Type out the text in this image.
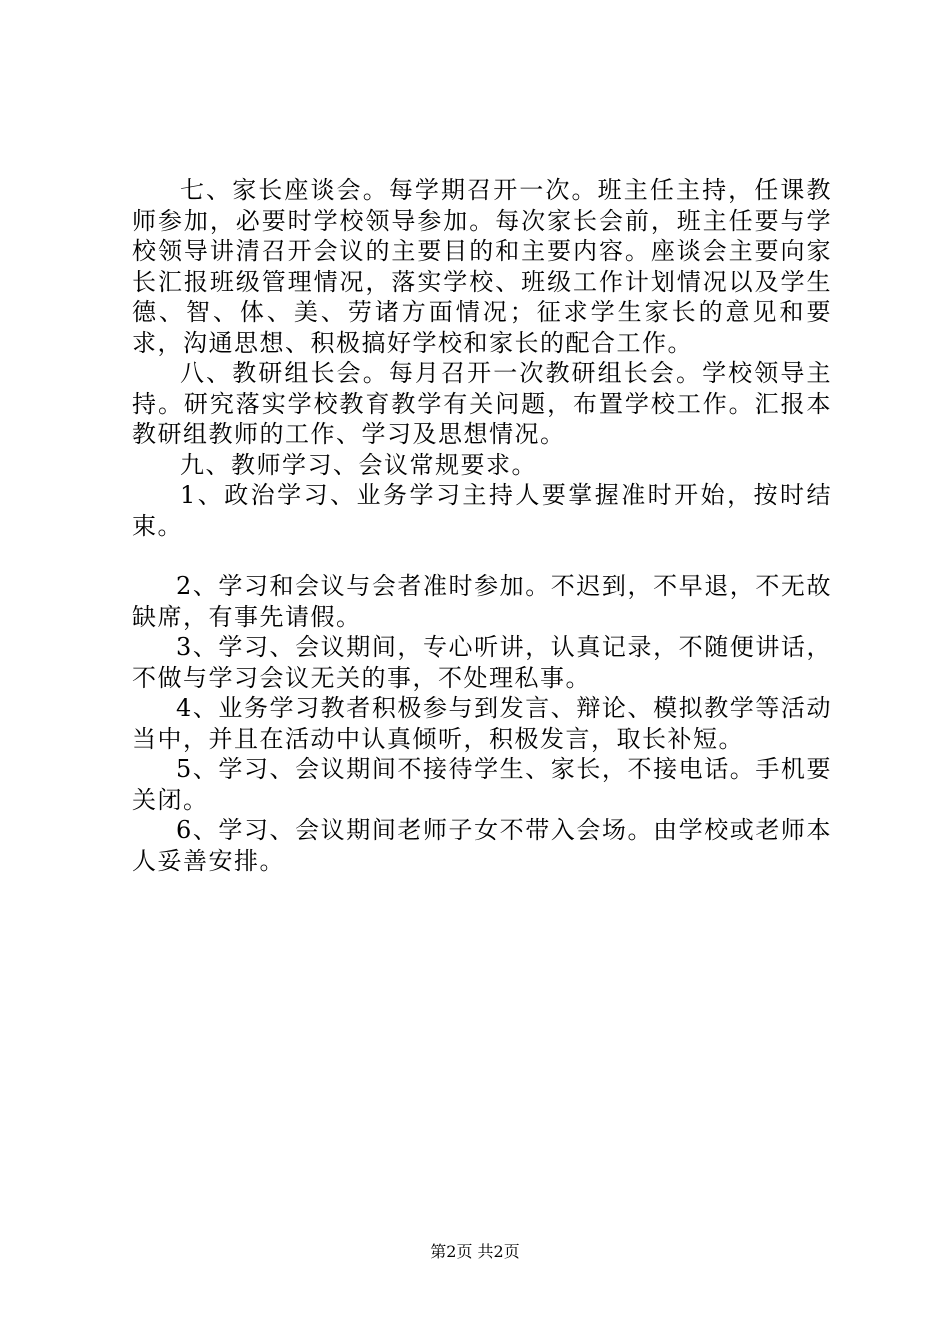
七、家长座谈会。每学期召开一次。班主任主持，任课教师参加，必要时学校领导参加。每次家长会前，班主任要与学校领导讲清召开会议的主要目的和主要内容。座谈会主要向家长汇报班级管理情况，落实学校、班级工作计划情况以及学生德、智、体、美、劳诸方面情况；征求学生家长的意见和要求，沟通思想、积极搞好学校和家长的配合工作。

八、教研组长会。每月召开一次教研组长会。学校领导主持。研究落实学校教育教学有关问题，布置学校工作。汇报本教研组教师的工作、学习及思想情况。

九、教师学习、会议常规要求。

1、政治学习、业务学习主持人要掌握准时开始，按时结束。

2、学习和会议与会者准时参加。不迟到，不早退，不无故缺席，有事先请假。

3、学习、会议期间，专心听讲，认真记录，不随便讲话，不做与学习会议无关的事，不处理私事。

4、业务学习教者积极参与到发言、辩论、模拟教学等活动当中，并且在活动中认真倾听，积极发言，取长补短。

5、学习、会议期间不接待学生、家长，不接电话。手机要关闭。

6、学习、会议期间老师子女不带入会场。由学校或老师本人妥善安排。

第2页 共2页
